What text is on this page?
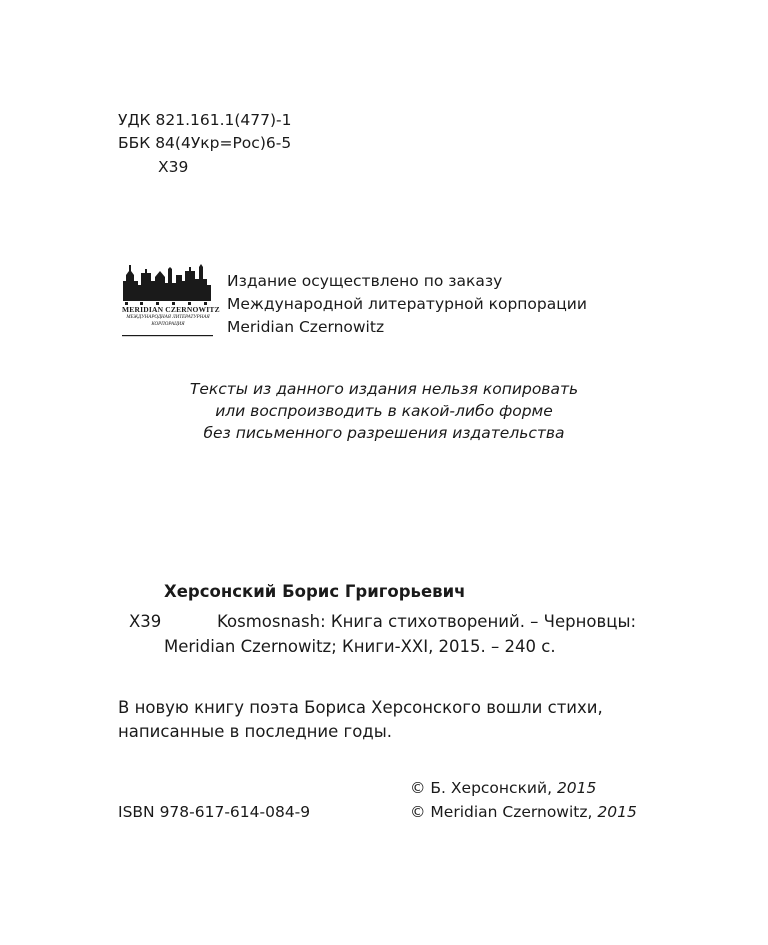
УДК 821.161.1(477)-1
ББК 84(4Укр=Рос)6-5
Х39
MERIDIAN CZERNOWITZ
МЕЖДУНАРОДНАЯ ЛИТЕРАТУРНАЯ
КОРПОРАЦИЯ
Издание осуществлено по заказу
Международной литературной корпорации
Meridian Czernowitz
Тексты из данного издания нельзя копировать
или воспроизводить в какой-либо форме
без письменного разрешения издательства
Херсонский Борис Григорьевич
Х39	Kosmosnash: Книга стихотворений. – Черновцы:
Meridian Czernowitz; Книги-XXI, 2015. – 240 с.
В новую книгу поэта Бориса Херсонского вошли стихи,
написанные в последние годы.
© Б. Херсонский, 2015
© Meridian Czernowitz, 2015
ISBN 978-617-614-084-9
